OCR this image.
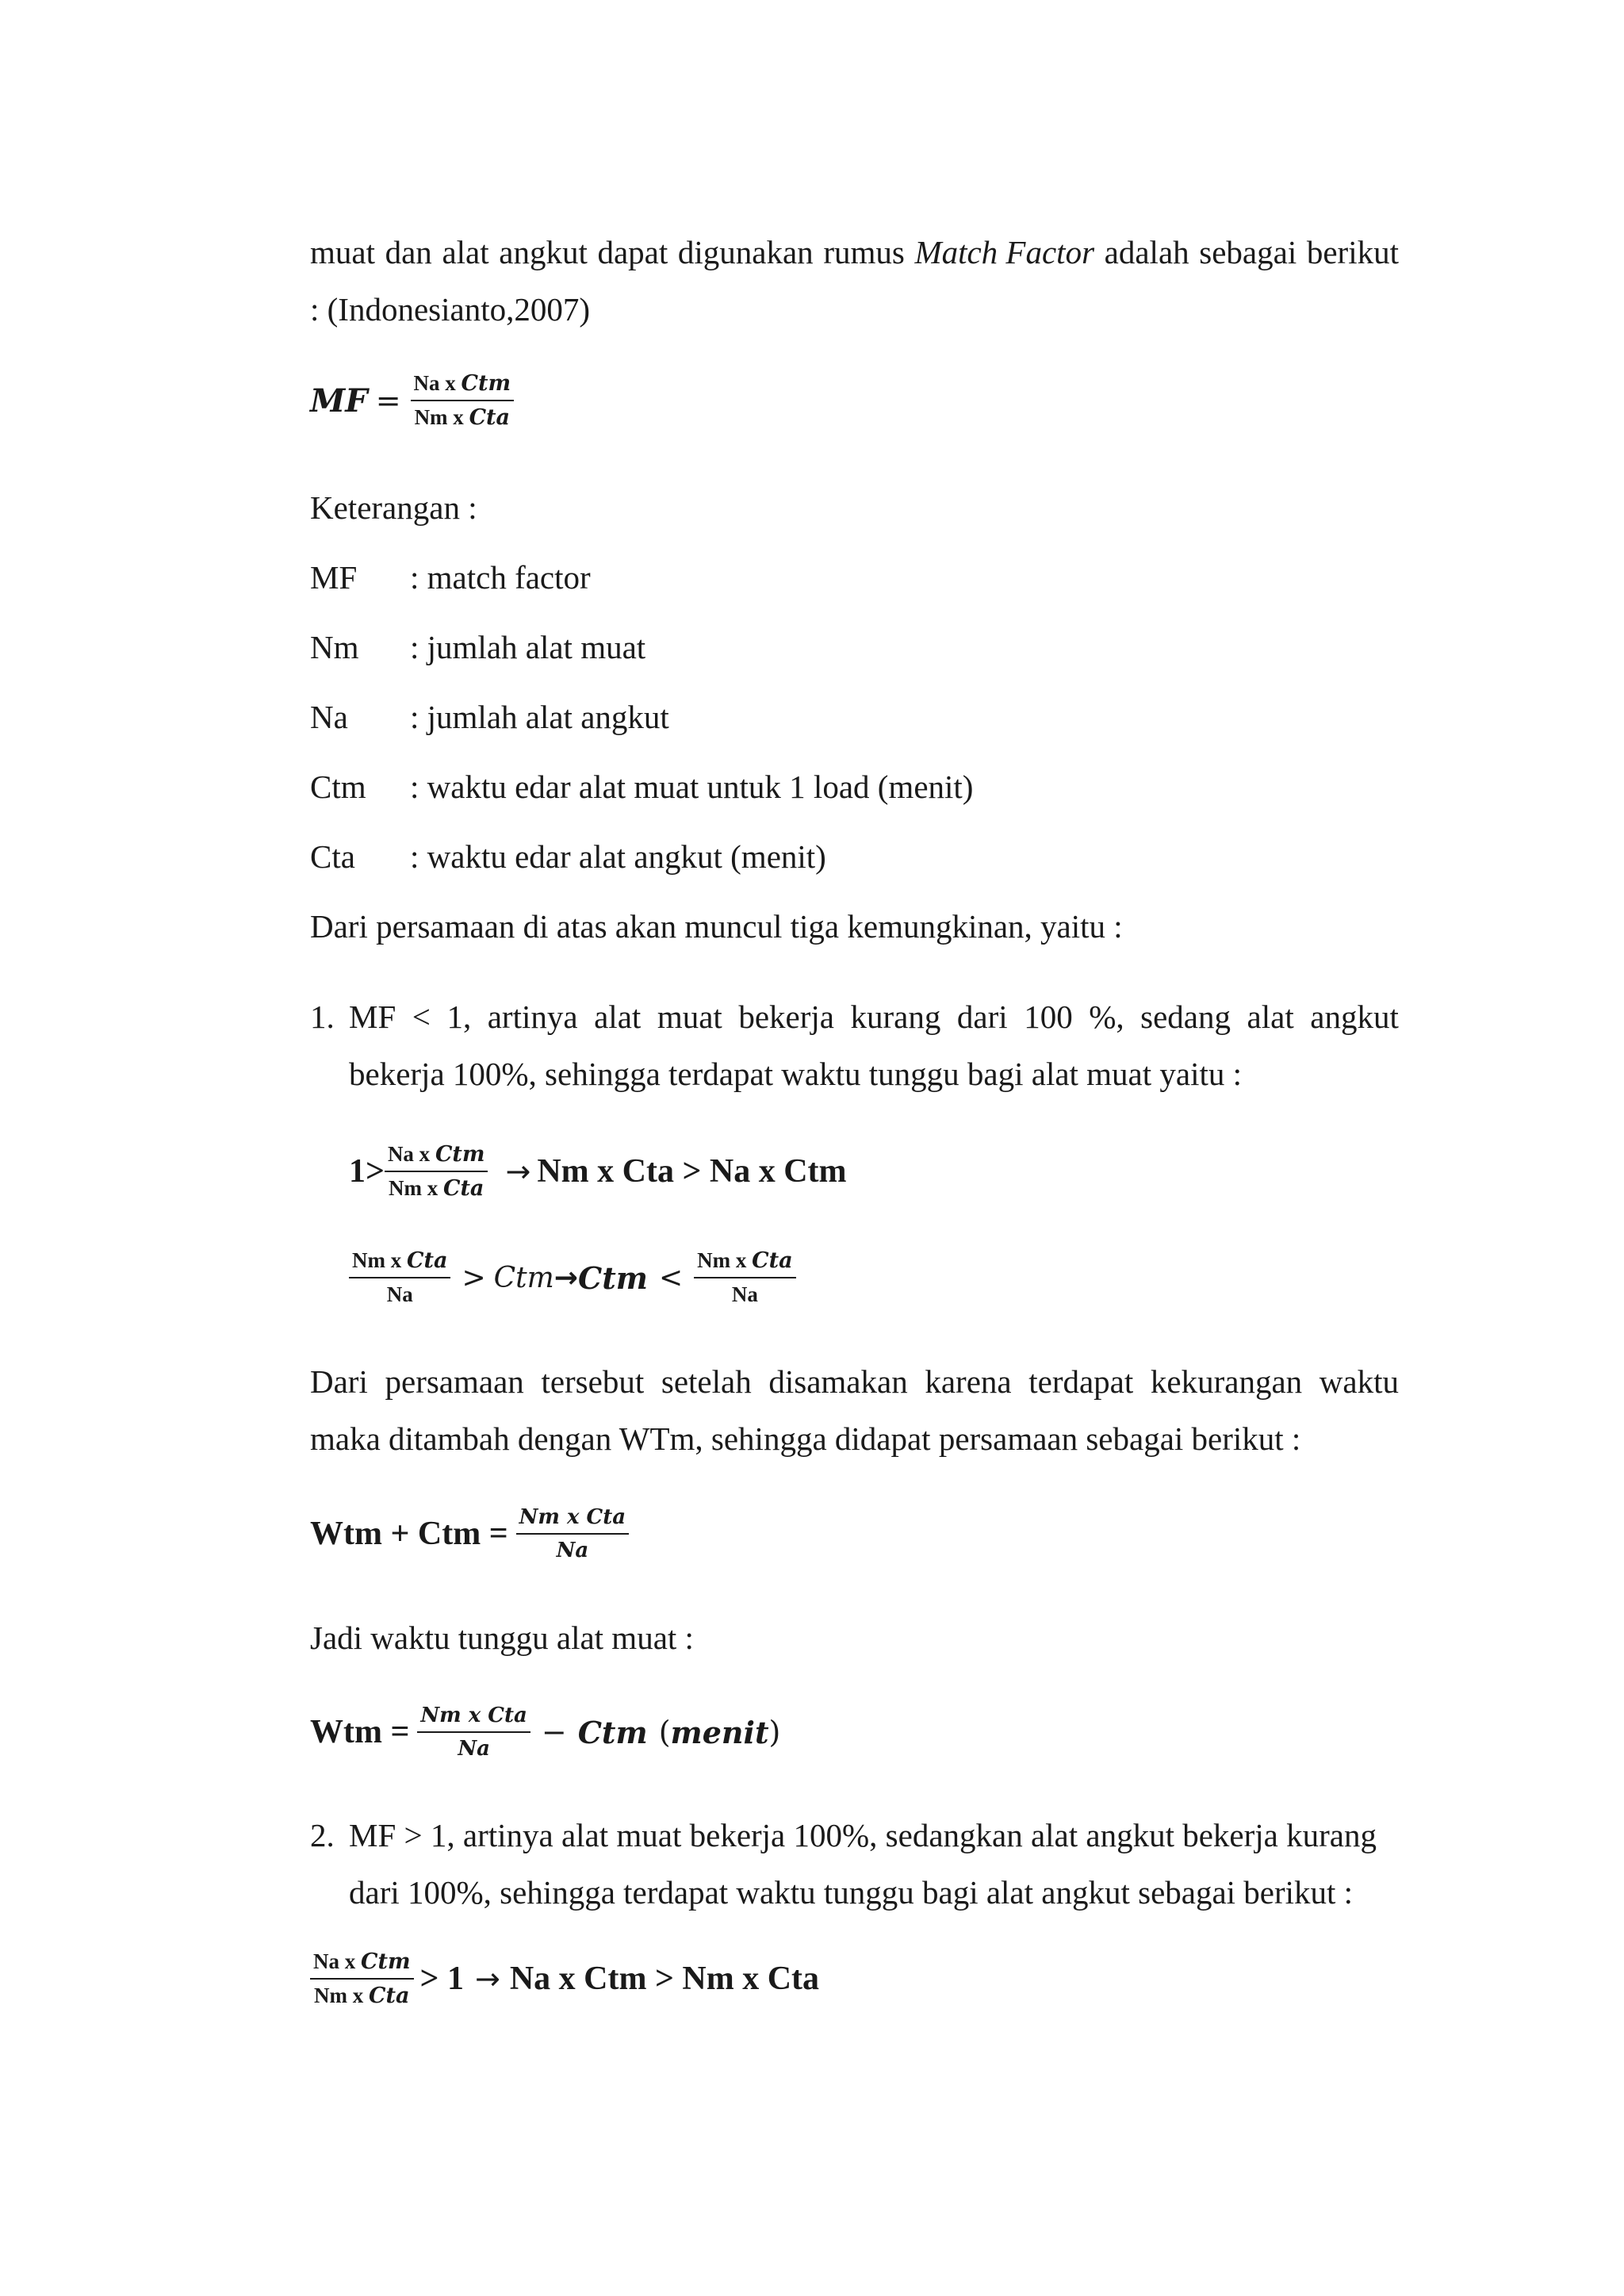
muat dan alat angkut dapat digunakan rumus Match Factor adalah sebagai berikut
: (Indonesianto,2007)
MF = $\frac{\text{Na x Ctm}}{\text{Nm x Cta}}$
Keterangan :
MF : match factor
Nm : jumlah alat muat
Na : jumlah alat angkut
Ctm : waktu edar alat muat untuk 1 load (menit)
Cta : waktu edar alat angkut (menit)
Dari persamaan di atas akan muncul tiga kemungkinan, yaitu :
1. MF < 1, artinya alat muat bekerja kurang dari 100 %, sedang alat angkut
bekerja 100%, sehingga terdapat waktu tunggu bagi alat muat yaitu :
$1> \frac{\text{Na x Ctm}}{\text{Nm x Cta}} \to Nm$ x Cta > Na x Ctm
$\frac{\text{Nm x Cta}}{Na}$ > Ctm → Ctm < $\frac{\text{Nm x Cta}}{Na}$
Dari persamaan tersebut setelah disamakan karena terdapat kekurangan waktu
maka ditambah dengan WTm, sehingga didapat persamaan sebagai berikut :
Wtm + Ctm = $\frac{\text{Nm x Cta}}{Na}$
Jadi waktu tunggu alat muat :
Wtm = $\frac{\text{Nm x Cta}}{Na}$ − Ctm ( menit )
2. MF > 1, artinya alat muat bekerja 100%, sedangkan alat angkut bekerja kurang
dari 100%, sehingga terdapat waktu tunggu bagi alat angkut sebagai berikut :
$\frac{\text{Na x Ctm}}{\text{Nm x Cta}} > 1 \to Na$ x Ctm > Nm x Cta
